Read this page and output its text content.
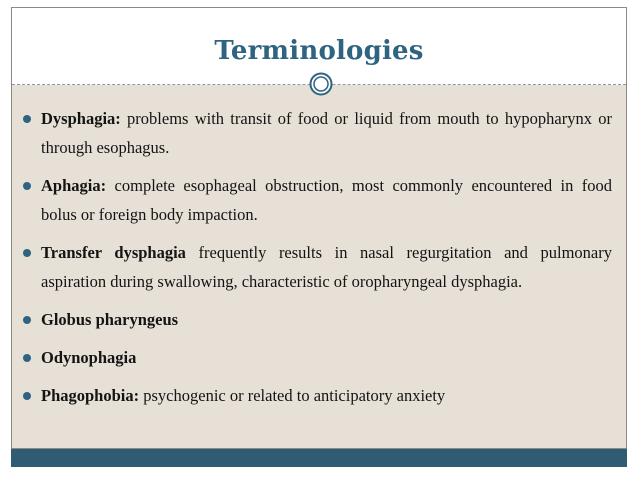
Terminologies
Dysphagia: problems with transit of food or liquid from mouth to hypopharynx or through esophagus.
Aphagia: complete esophageal obstruction, most commonly encountered in food bolus or foreign body impaction.
Transfer dysphagia frequently results in nasal regurgitation and pulmonary aspiration during swallowing, characteristic of oropharyngeal dysphagia.
Globus pharyngeus
Odynophagia
Phagophobia: psychogenic or related to anticipatory anxiety
